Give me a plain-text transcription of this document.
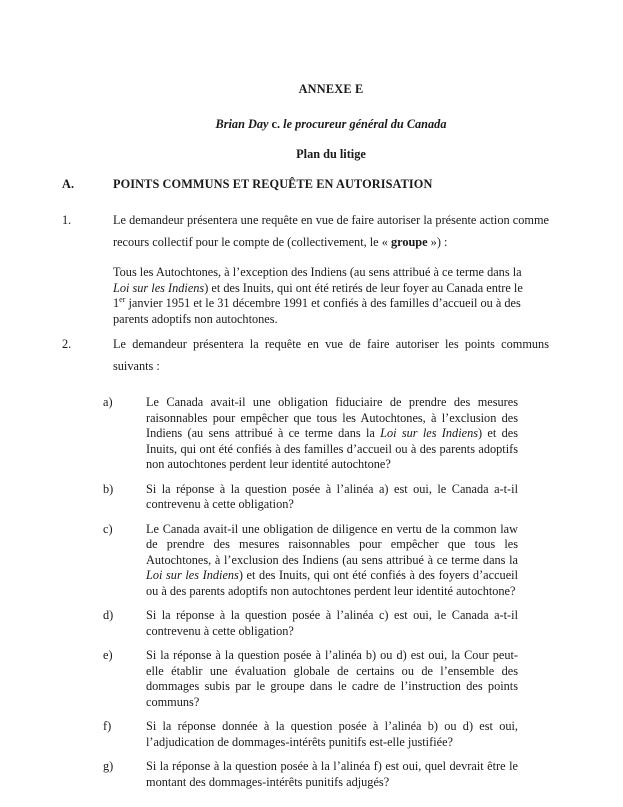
ANNEXE E
Brian Day c. le procureur général du Canada
Plan du litige
A.	POINTS COMMUNS ET REQUÊTE EN AUTORISATION
1.	Le demandeur présentera une requête en vue de faire autoriser la présente action comme recours collectif pour le compte de (collectivement, le « groupe ») :
Tous les Autochtones, à l’exception des Indiens (au sens attribué à ce terme dans la Loi sur les Indiens) et des Inuits, qui ont été retirés de leur foyer au Canada entre le 1er janvier 1951 et le 31 décembre 1991 et confiés à des familles d’accueil ou à des parents adoptifs non autochtones.
2.	Le demandeur présentera la requête en vue de faire autoriser les points communs suivants :
a)	Le Canada avait-il une obligation fiduciaire de prendre des mesures raisonnables pour empêcher que tous les Autochtones, à l’exclusion des Indiens (au sens attribué à ce terme dans la Loi sur les Indiens) et des Inuits, qui ont été confiés à des familles d’accueil ou à des parents adoptifs non autochtones perdent leur identité autochtone?
b)	Si la réponse à la question posée à l’alinéa a) est oui, le Canada a-t-il contrevenu à cette obligation?
c)	Le Canada avait-il une obligation de diligence en vertu de la common law de prendre des mesures raisonnables pour empêcher que tous les Autochtones, à l’exclusion des Indiens (au sens attribué à ce terme dans la Loi sur les Indiens) et des Inuits, qui ont été confiés à des foyers d’accueil ou à des parents adoptifs non autochtones perdent leur identité autochtone?
d)	Si la réponse à la question posée à l’alinéa c) est oui, le Canada a-t-il contrevenu à cette obligation?
e)	Si la réponse à la question posée à l’alinéa b) ou d) est oui, la Cour peut-elle établir une évaluation globale de certains ou de l’ensemble des dommages subis par le groupe dans le cadre de l’instruction des points communs?
f)	Si la réponse donnée à la question posée à l’alinéa b) ou d) est oui, l’adjudication de dommages-intérêts punitifs est-elle justifiée?
g)	Si la réponse à la question posée à la l’alinéa f) est oui, quel devrait être le montant des dommages-intérêts punitifs adjugés?
